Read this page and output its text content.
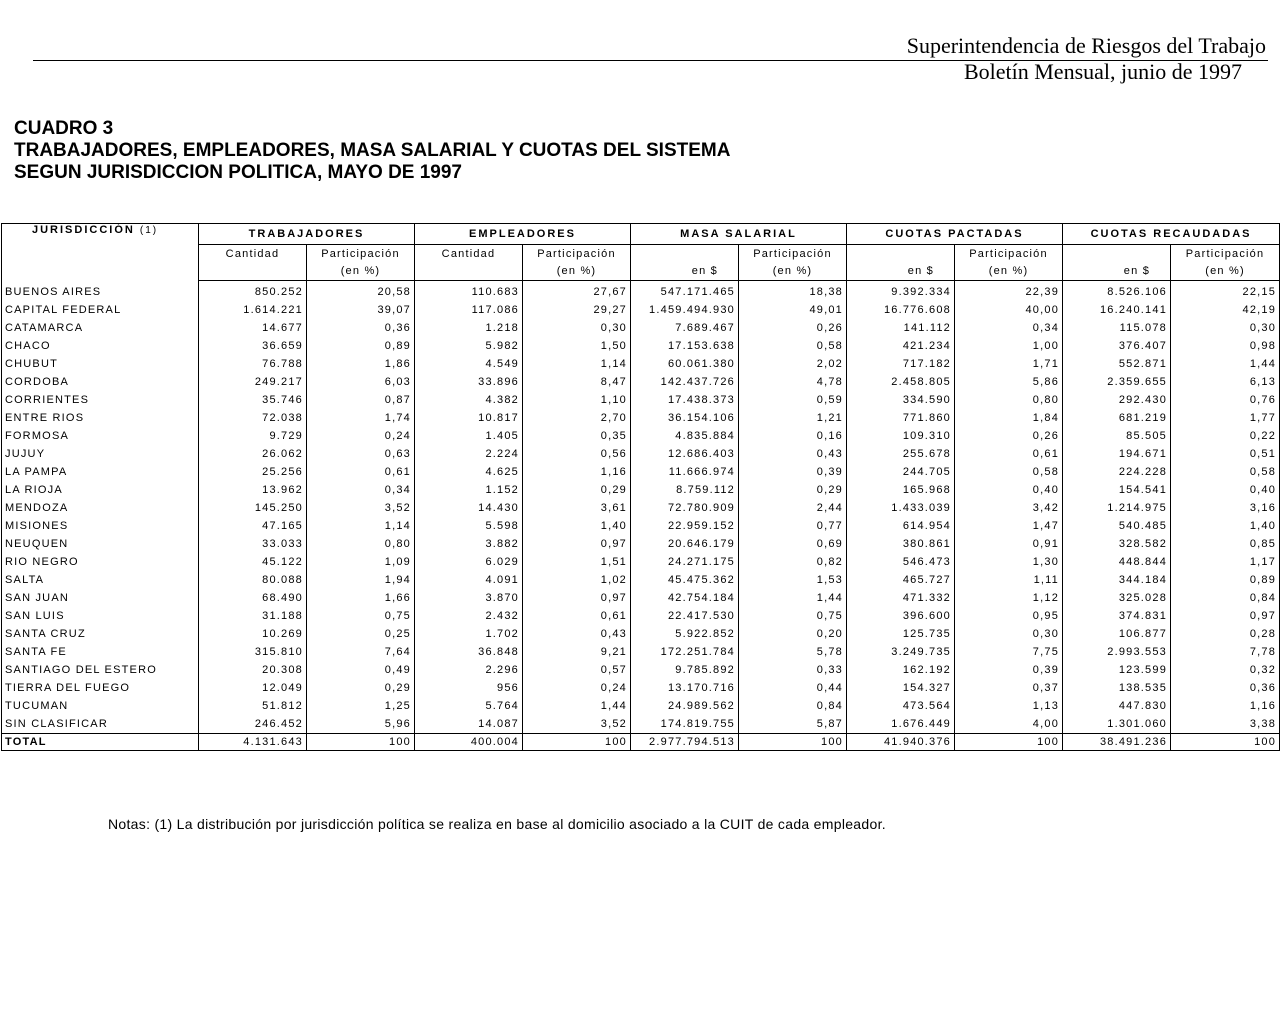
Superintendencia de Riesgos del Trabajo
Boletín Mensual, junio de 1997
CUADRO 3
TRABAJADORES, EMPLEADORES, MASA SALARIAL Y CUOTAS DEL SISTEMA
SEGUN JURISDICCION POLITICA, MAYO DE 1997
JURISDICCIÓN (1)	TRABAJADORES		EMPLEADORES		MASA SALARIAL		CUOTAS PACTADAS		CUOTAS RECAUDADAS	
	Cantidad	Participación	Cantidad	Participación		Participación		Participación		Participación
		(en %)		(en %)	en $	(en %)	en $	(en %)	en $	(en %)
BUENOS AIRES	850.252	20,58	110.683	27,67	547.171.465	18,38	9.392.334	22,39	8.526.106	22,15
CAPITAL FEDERAL	1.614.221	39,07	117.086	29,27	1.459.494.930	49,01	16.776.608	40,00	16.240.141	42,19
CATAMARCA	14.677	0,36	1.218	0,30	7.689.467	0,26	141.112	0,34	115.078	0,30
CHACO	36.659	0,89	5.982	1,50	17.153.638	0,58	421.234	1,00	376.407	0,98
CHUBUT	76.788	1,86	4.549	1,14	60.061.380	2,02	717.182	1,71	552.871	1,44
CORDOBA	249.217	6,03	33.896	8,47	142.437.726	4,78	2.458.805	5,86	2.359.655	6,13
CORRIENTES	35.746	0,87	4.382	1,10	17.438.373	0,59	334.590	0,80	292.430	0,76
ENTRE RIOS	72.038	1,74	10.817	2,70	36.154.106	1,21	771.860	1,84	681.219	1,77
FORMOSA	9.729	0,24	1.405	0,35	4.835.884	0,16	109.310	0,26	85.505	0,22
JUJUY	26.062	0,63	2.224	0,56	12.686.403	0,43	255.678	0,61	194.671	0,51
LA PAMPA	25.256	0,61	4.625	1,16	11.666.974	0,39	244.705	0,58	224.228	0,58
LA RIOJA	13.962	0,34	1.152	0,29	8.759.112	0,29	165.968	0,40	154.541	0,40
MENDOZA	145.250	3,52	14.430	3,61	72.780.909	2,44	1.433.039	3,42	1.214.975	3,16
MISIONES	47.165	1,14	5.598	1,40	22.959.152	0,77	614.954	1,47	540.485	1,40
NEUQUEN	33.033	0,80	3.882	0,97	20.646.179	0,69	380.861	0,91	328.582	0,85
RIO NEGRO	45.122	1,09	6.029	1,51	24.271.175	0,82	546.473	1,30	448.844	1,17
SALTA	80.088	1,94	4.091	1,02	45.475.362	1,53	465.727	1,11	344.184	0,89
SAN JUAN	68.490	1,66	3.870	0,97	42.754.184	1,44	471.332	1,12	325.028	0,84
SAN LUIS	31.188	0,75	2.432	0,61	22.417.530	0,75	396.600	0,95	374.831	0,97
SANTA CRUZ	10.269	0,25	1.702	0,43	5.922.852	0,20	125.735	0,30	106.877	0,28
SANTA FE	315.810	7,64	36.848	9,21	172.251.784	5,78	3.249.735	7,75	2.993.553	7,78
SANTIAGO DEL ESTERO	20.308	0,49	2.296	0,57	9.785.892	0,33	162.192	0,39	123.599	0,32
TIERRA DEL FUEGO	12.049	0,29	956	0,24	13.170.716	0,44	154.327	0,37	138.535	0,36
TUCUMAN	51.812	1,25	5.764	1,44	24.989.562	0,84	473.564	1,13	447.830	1,16
SIN CLASIFICAR	246.452	5,96	14.087	3,52	174.819.755	5,87	1.676.449	4,00	1.301.060	3,38
TOTAL	4.131.643	100	400.004	100	2.977.794.513	100	41.940.376	100	38.491.236	100
Notas: (1) La distribución por jurisdicción política se realiza en base al domicilio asociado a la CUIT de cada empleador.
